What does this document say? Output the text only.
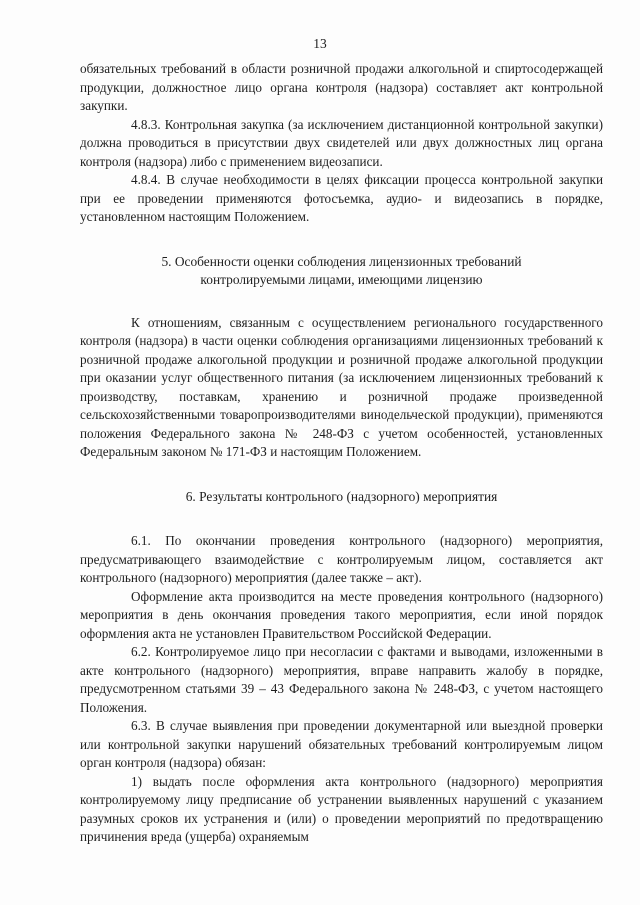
13

обязательных требований в области розничной продажи алкогольной и спиртосодержащей продукции, должностное лицо органа контроля (надзора) составляет акт контрольной закупки.

4.8.3. Контрольная закупка (за исключением дистанционной контрольной закупки) должна проводиться в присутствии двух свидетелей или двух должностных лиц органа контроля (надзора) либо с применением видеозаписи.

4.8.4. В случае необходимости в целях фиксации процесса контрольной закупки при ее проведении применяются фотосъемка, аудио- и видеозапись в порядке, установленном настоящим Положением.

5. Особенности оценки соблюдения лицензионных требований
контролируемыми лицами, имеющими лицензию

К отношениям, связанным с осуществлением регионального государственного контроля (надзора) в части оценки соблюдения организациями лицензионных требований к розничной продаже алкогольной продукции и розничной продаже алкогольной продукции при оказании услуг общественного питания (за исключением лицензионных требований к производству, поставкам, хранению и розничной продаже произведенной сельскохозяйственными товаропроизводителями винодельческой продукции), применяются положения Федерального закона № 248-ФЗ с учетом особенностей, установленных Федеральным законом № 171-ФЗ и настоящим Положением.

6. Результаты контрольного (надзорного) мероприятия

6.1. По окончании проведения контрольного (надзорного) мероприятия, предусматривающего взаимодействие с контролируемым лицом, составляется акт контрольного (надзорного) мероприятия (далее также – акт).

Оформление акта производится на месте проведения контрольного (надзорного) мероприятия в день окончания проведения такого мероприятия, если иной порядок оформления акта не установлен Правительством Российской Федерации.

6.2. Контролируемое лицо при несогласии с фактами и выводами, изложенными в акте контрольного (надзорного) мероприятия, вправе направить жалобу в порядке, предусмотренном статьями 39 – 43 Федерального закона № 248-ФЗ, с учетом настоящего Положения.

6.3. В случае выявления при проведении документарной или выездной проверки или контрольной закупки нарушений обязательных требований контролируемым лицом орган контроля (надзора) обязан:

1) выдать после оформления акта контрольного (надзорного) мероприятия контролируемому лицу предписание об устранении выявленных нарушений с указанием разумных сроков их устранения и (или) о проведении мероприятий по предотвращению причинения вреда (ущерба) охраняемым
